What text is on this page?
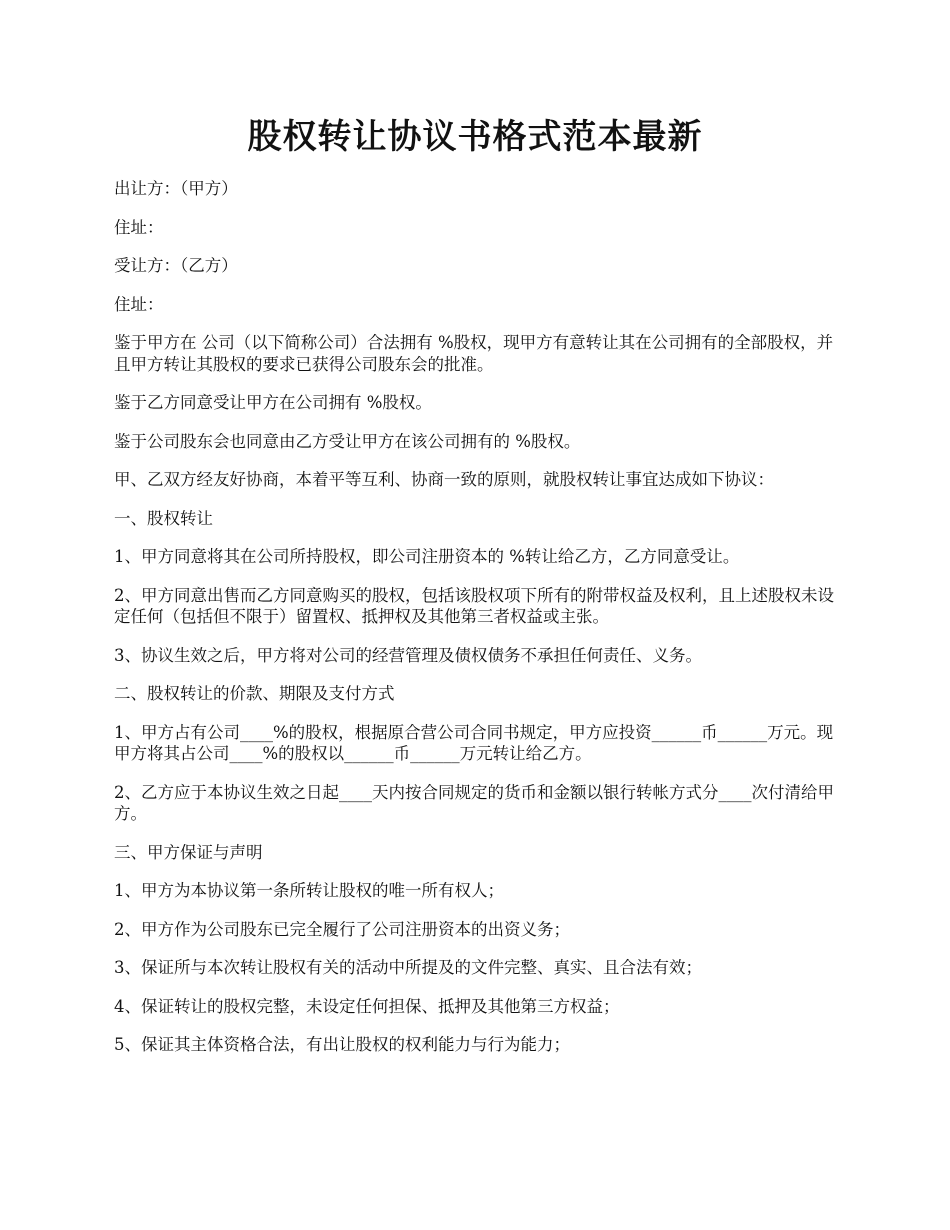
股权转让协议书格式范本最新

出让方：（甲方）

住址：

受让方：（乙方）

住址：

鉴于甲方在 公司（以下简称公司）合法拥有 %股权，现甲方有意转让其在公司拥有的全部股权，并且甲方转让其股权的要求已获得公司股东会的批准。

鉴于乙方同意受让甲方在公司拥有 %股权。

鉴于公司股东会也同意由乙方受让甲方在该公司拥有的 %股权。

甲、乙双方经友好协商，本着平等互利、协商一致的原则，就股权转让事宜达成如下协议：

一、股权转让

1、甲方同意将其在公司所持股权，即公司注册资本的 %转让给乙方，乙方同意受让。

2、甲方同意出售而乙方同意购买的股权，包括该股权项下所有的附带权益及权利，且上述股权未设定任何（包括但不限于）留置权、抵押权及其他第三者权益或主张。

3、协议生效之后，甲方将对公司的经营管理及债权债务不承担任何责任、义务。

二、股权转让的价款、期限及支付方式

1、甲方占有公司____%的股权，根据原合营公司合同书规定，甲方应投资______币______万元。现甲方将其占公司____%的股权以______币______万元转让给乙方。

2、乙方应于本协议生效之日起____天内按合同规定的货币和金额以银行转帐方式分____次付清给甲方。

三、甲方保证与声明

1、甲方为本协议第一条所转让股权的唯一所有权人；

2、甲方作为公司股东已完全履行了公司注册资本的出资义务；

3、保证所与本次转让股权有关的活动中所提及的文件完整、真实、且合法有效；

4、保证转让的股权完整，未设定任何担保、抵押及其他第三方权益；

5、保证其主体资格合法，有出让股权的权利能力与行为能力；
